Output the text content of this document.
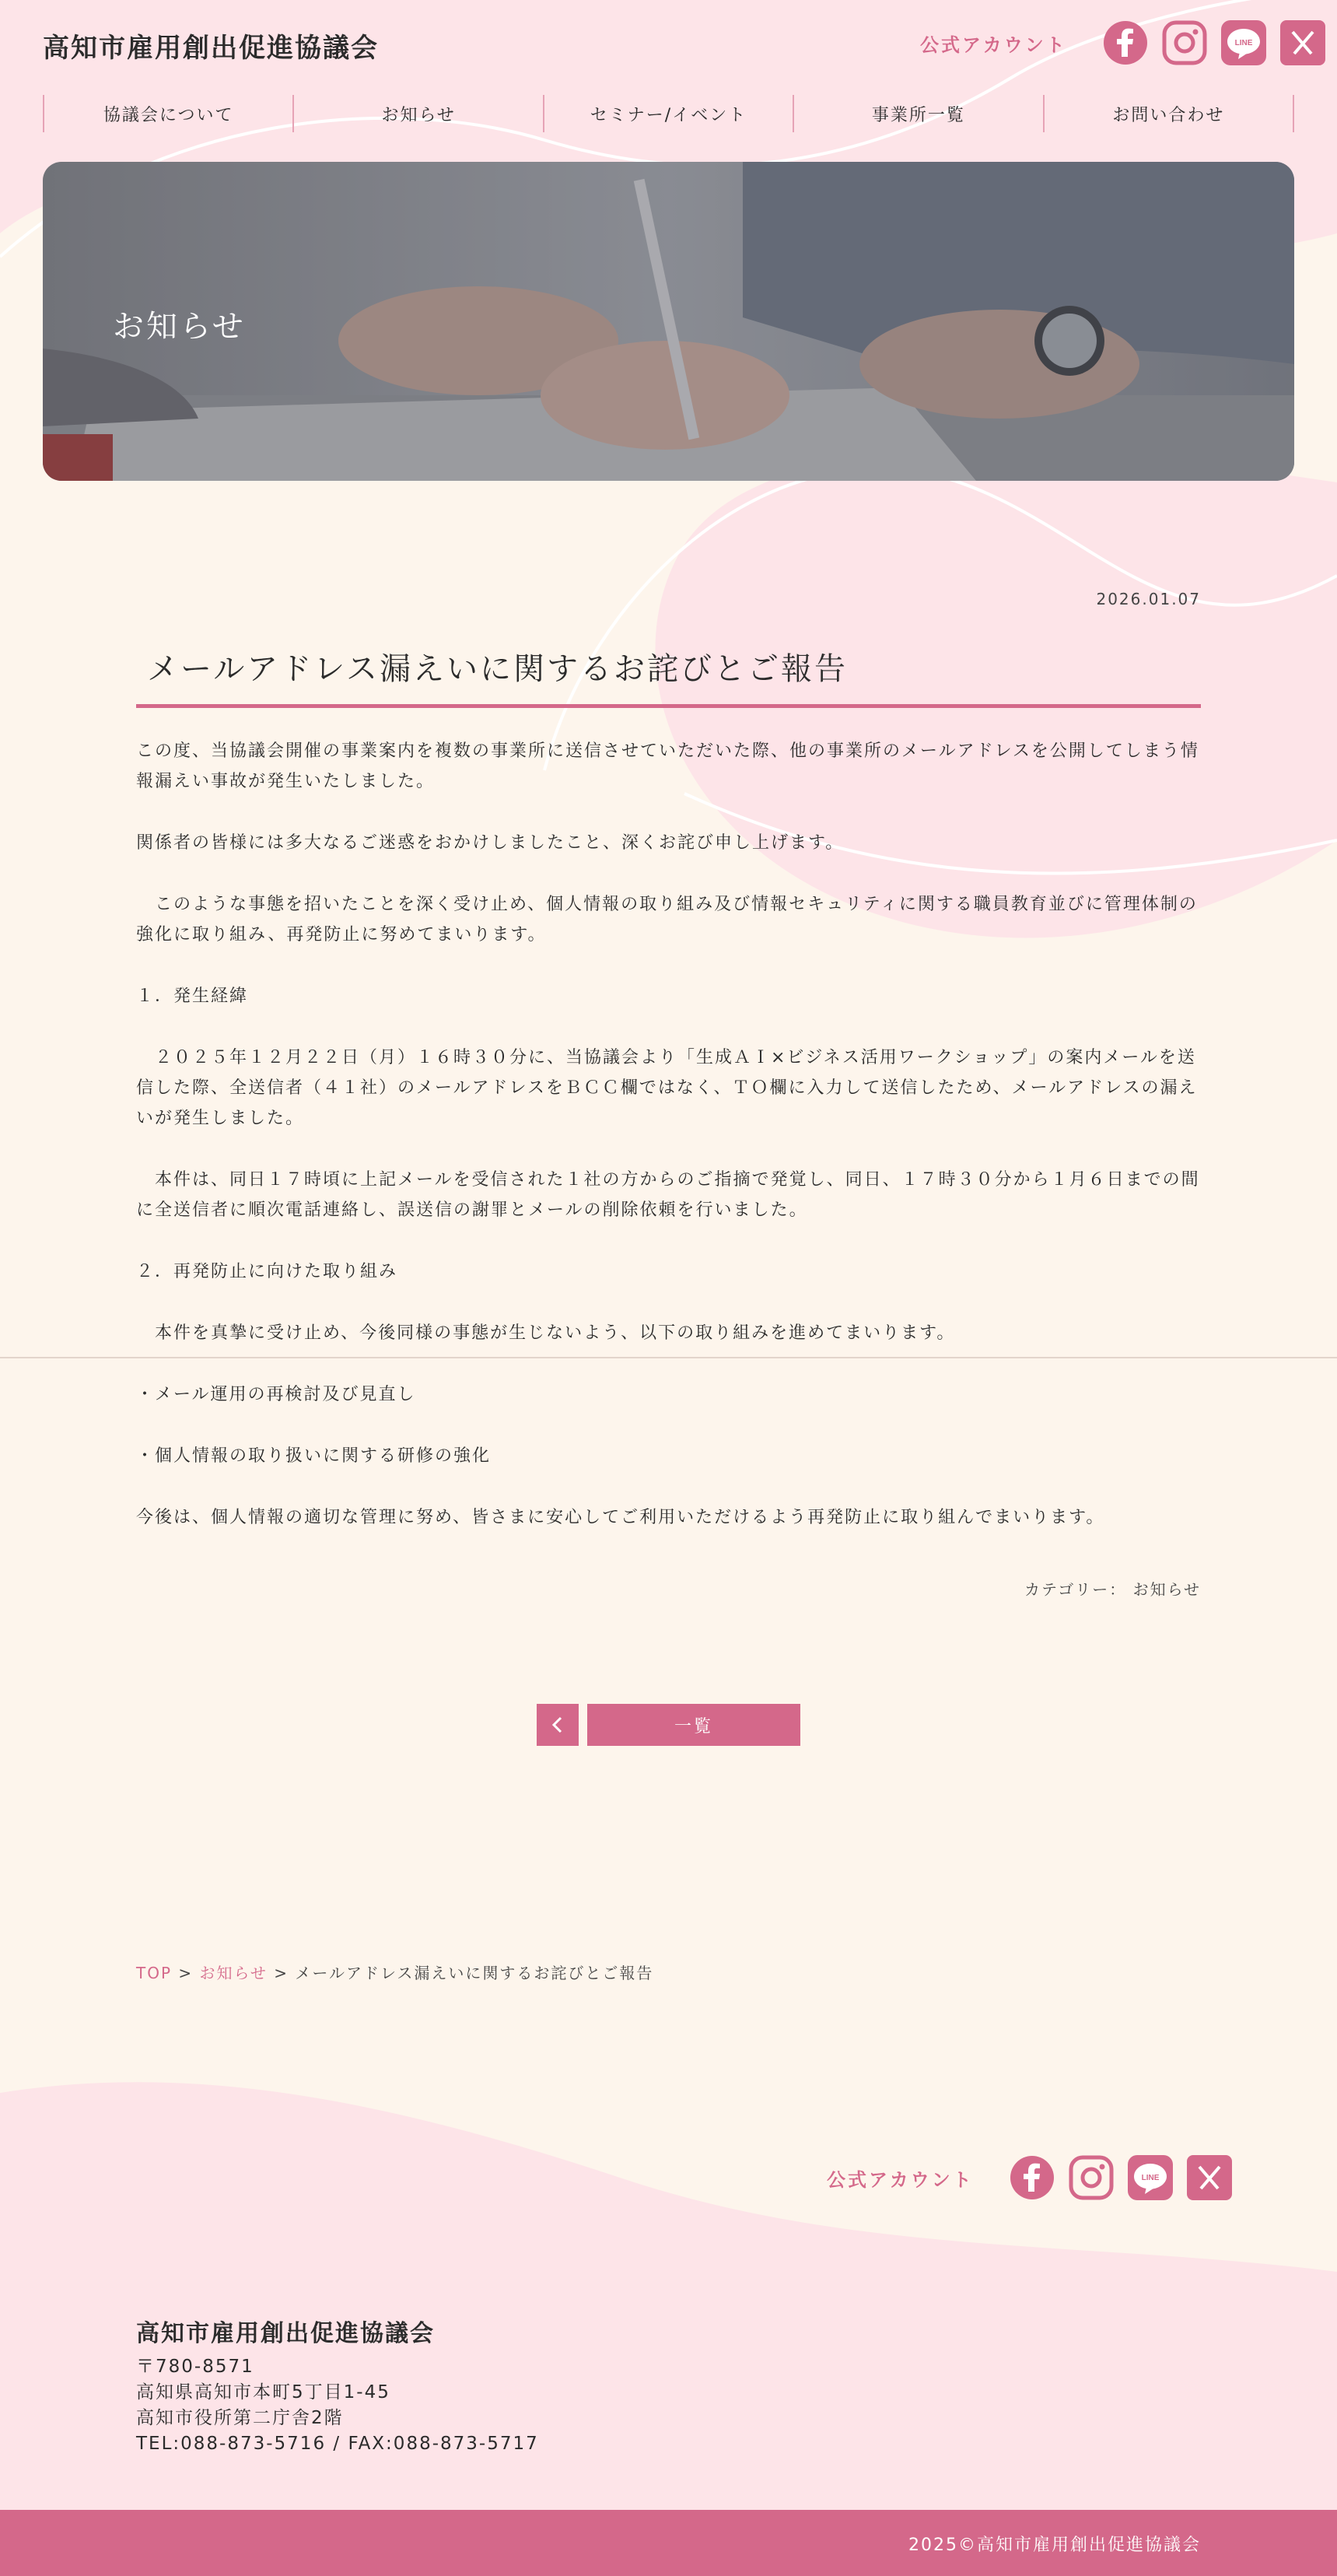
高知市雇用創出促進協議会	公式アカウント	LINE
協議会について	お知らせ	セミナー/イベント	事業所一覧	お問い合わせ
お知らせ
2026.01.07
メールアドレス漏えいに関するお詫びとご報告

この度、当協議会開催の事業案内を複数の事業所に送信させていただいた際、他の事業所のメールアドレスを公開してしまう情報漏えい事故が発生いたしました。

関係者の皆様には多大なるご迷惑をおかけしましたこと、深くお詫び申し上げます。

　このような事態を招いたことを深く受け止め、個人情報の取り組み及び情報セキュリティに関する職員教育並びに管理体制の強化に取り組み、再発防止に努めてまいります。

１．発生経緯

　２０２５年１２月２２日（月）１６時３０分に、当協議会より「生成ＡＩ×ビジネス活用ワークショップ」の案内メールを送信した際、全送信者（４１社）のメールアドレスをＢＣＣ欄ではなく、ＴＯ欄に入力して送信したため、メールアドレスの漏えいが発生しました。

　本件は、同日１７時頃に上記メールを受信された１社の方からのご指摘で発覚し、同日、１７時３０分から１月６日までの間に全送信者に順次電話連絡し、誤送信の謝罪とメールの削除依頼を行いました。

２．再発防止に向けた取り組み

　本件を真摯に受け止め、今後同様の事態が生じないよう、以下の取り組みを進めてまいります。

・メール運用の再検討及び見直し

・個人情報の取り扱いに関する研修の強化

今後は、個人情報の適切な管理に努め、皆さまに安心してご利用いただけるよう再発防止に取り組んでまいります。

カテゴリー： お知らせ
一覧
TOP > お知らせ > メールアドレス漏えいに関するお詫びとご報告
公式アカウント	LINE
高知市雇用創出促進協議会
〒780-8571
高知県高知市本町5丁目1-45
高知市役所第二庁舎2階
TEL:088-873-5716 / FAX:088-873-5717
2025©高知市雇用創出促進協議会
